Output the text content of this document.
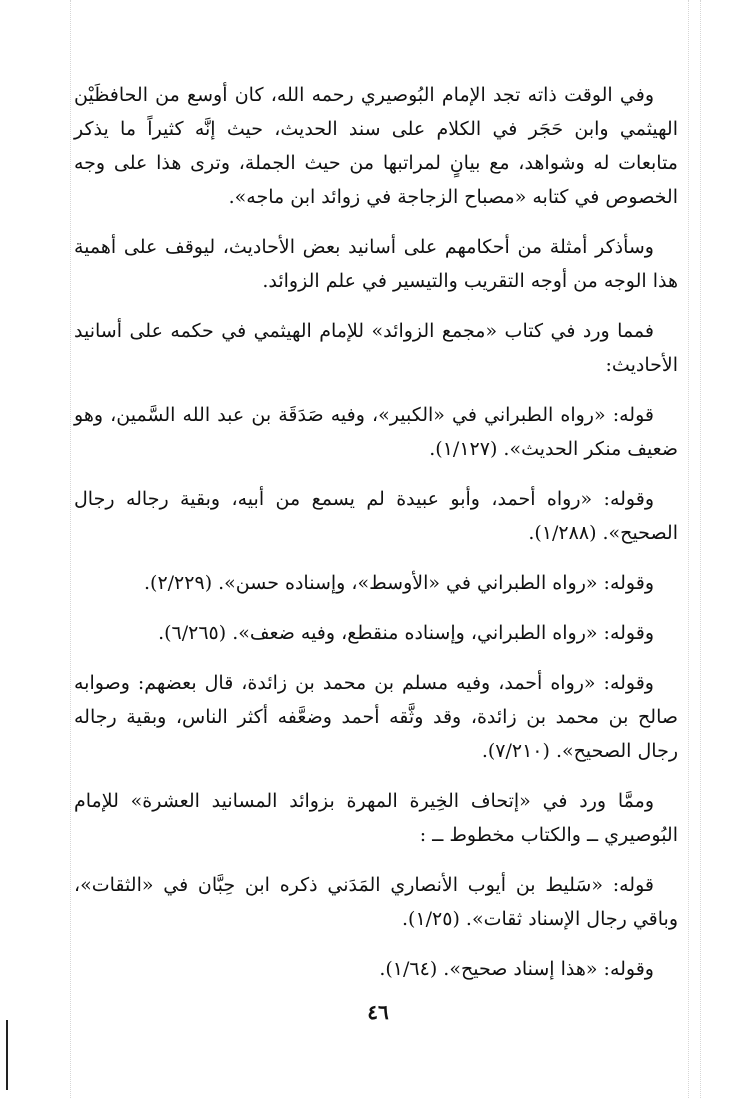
وفي الوقت ذاته تجد الإمام البُوصيري رحمه الله، كان أوسع من الحافظَيْن الهيثمي وابن حَجَر في الكلام على سند الحديث، حيث إنَّه كثيراً ما يذكر متابعات له وشواهد، مع بيانٍ لمراتبها من حيث الجملة، وترى هذا على وجه الخصوص في كتابه «مصباح الزجاجة في زوائد ابن ماجه».

وسأذكر أمثلة من أحكامهم على أسانيد بعض الأحاديث، ليوقف على أهمية هذا الوجه من أوجه التقريب والتيسير في علم الزوائد.

فمما ورد في كتاب «مجمع الزوائد» للإمام الهيثمي في حكمه على أسانيد الأحاديث:

قوله: «رواه الطبراني في «الكبير»، وفيه صَدَقَة بن عبد الله السَّمين، وهو ضعيف منكر الحديث». (١/١٢٧).

وقوله: «رواه أحمد، وأبو عبيدة لم يسمع من أبيه، وبقية رجاله رجال الصحيح». (١/٢٨٨).

وقوله: «رواه الطبراني في «الأوسط»، وإسناده حسن». (٢/٢٢٩).

وقوله: «رواه الطبراني، وإسناده منقطع، وفيه ضعف». (٦/٢٦٥).

وقوله: «رواه أحمد، وفيه مسلم بن محمد بن زائدة، قال بعضهم: وصوابه صالح بن محمد بن زائدة، وقد وثَّقه أحمد وضعَّفه أكثر الناس، وبقية رجاله رجال الصحيح». (٧/٢١٠).

وممَّا ورد في «إتحاف الخِيرة المهرة بزوائد المسانيد العشرة» للإمام البُوصيري ــ والكتاب مخطوط ــ :

قوله: «سَليط بن أيوب الأنصاري المَدَني ذكره ابن حِبَّان في «الثقات»، وباقي رجال الإسناد ثقات». (١/٢٥).

وقوله: «هذا إسناد صحيح». (١/٦٤).

٤٦
